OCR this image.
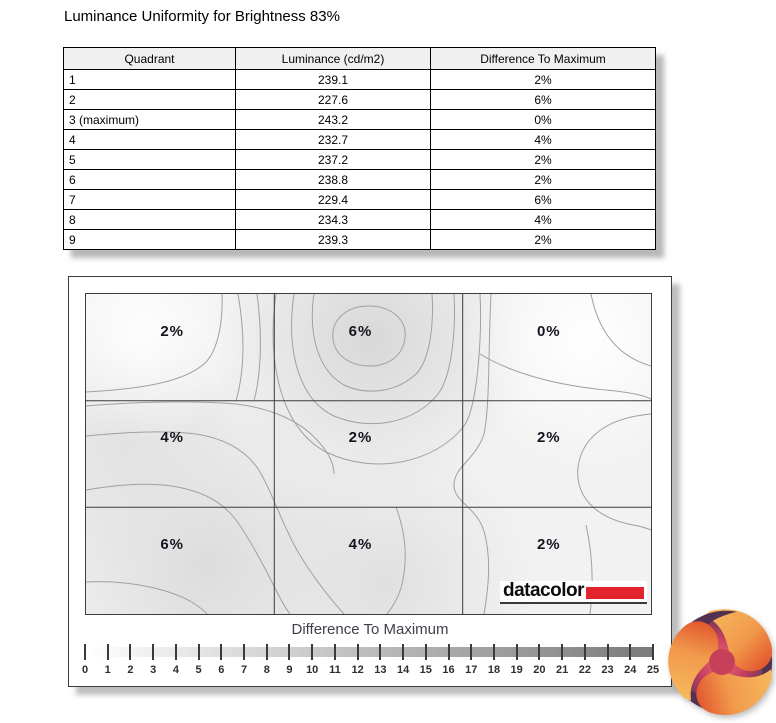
Luminance Uniformity for Brightness 83%
Quadrant	Luminance (cd/m2)	Difference To Maximum
1	239.1	2%
2	227.6	6%
3 (maximum)	243.2	0%
4	232.7	4%
5	237.2	2%
6	238.8	2%
7	229.4	6%
8	234.3	4%
9	239.3	2%
2%	6%	0%
4%	2%	2%
6%	4%	2%
datacolor
Difference To Maximum
0 1 2 3 4 5 6 7 8 9 10 11 12 13 14 15 16 17 18 19 20 21 22 23 24 25
